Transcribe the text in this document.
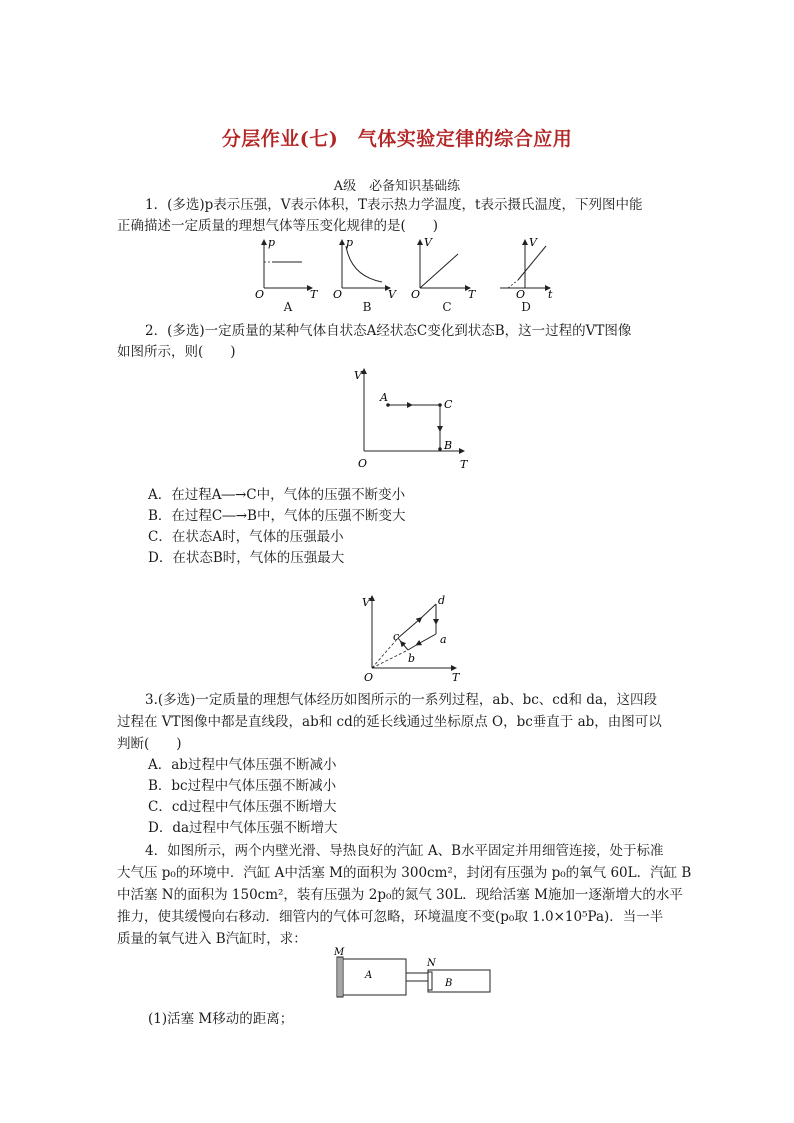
分层作业(七)　气体实验定律的综合应用
A级　必备知识基础练
1．(多选)p表示压强，V表示体积，T表示热力学温度，t表示摄氏温度，下列图中能
正确描述一定质量的理想气体等压变化规律的是(　　)
p
O	T
p
O	V
V
O	T
V
O t
A	B	C	D
2．(多选)一定质量的某种气体自状态A经状态C变化到状态B，这一过程的VT图像
如图所示，则(　　)
V
O	T
A
C
B
A．在过程A―→C中，气体的压强不断变小
B．在过程C―→B中，气体的压强不断变大
C．在状态A时，气体的压强最小
D．在状态B时，气体的压强最大
V
O	T
d
a
b
c
3.(多选)一定质量的理想气体经历如图所示的一系列过程，ab、bc、cd和 da，这四段
过程在 VT图像中都是直线段，ab和 cd的延长线通过坐标原点 O，bc垂直于 ab，由图可以
判断(　　)
A．ab过程中气体压强不断减小
B．bc过程中气体压强不断减小
C．cd过程中气体压强不断增大
D．da过程中气体压强不断增大
4．如图所示，两个内壁光滑、导热良好的汽缸 A、B水平固定并用细管连接，处于标准
大气压 p₀的环境中．汽缸 A中活塞 M的面积为 300cm²，封闭有压强为 p₀的氧气 60L．汽缸 B
中活塞 N的面积为 150cm²，装有压强为 2p₀的氮气 30L．现给活塞 M施加一逐渐增大的水平
推力，使其缓慢向右移动．细管内的气体可忽略，环境温度不变(p₀取 1.0×10⁵Pa)．当一半
质量的氧气进入 B汽缸时，求：
M
A
N
B
(1)活塞 M移动的距离；
